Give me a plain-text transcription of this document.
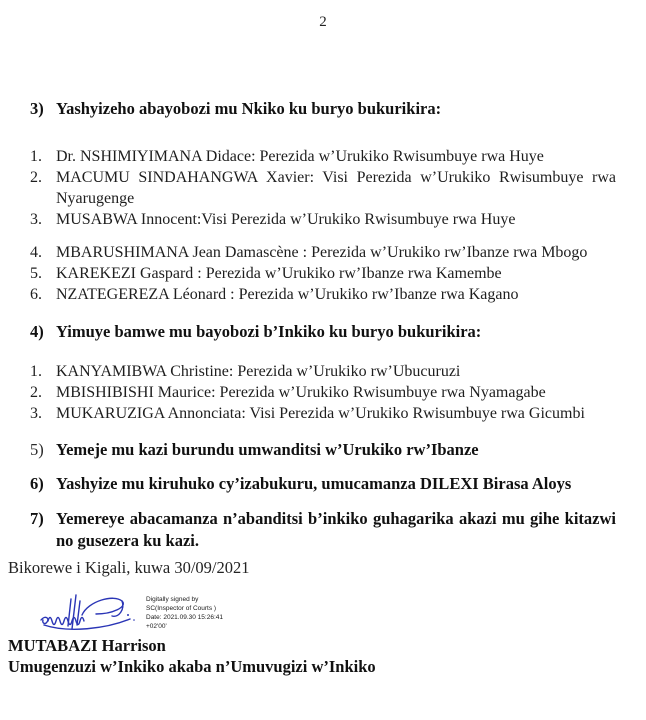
2
3) Yashyizeho abayobozi mu Nkiko ku buryo bukurikira:
1. Dr. NSHIMIYIMANA Didace: Perezida w’Urukiko Rwisumbuye rwa Huye
2. MACUMU SINDAHANGWA Xavier: Visi Perezida w’Urukiko Rwisumbuye rwa Nyarugenge
3. MUSABWA Innocent:Visi Perezida w’Urukiko Rwisumbuye rwa Huye
4. MBARUSHIMANA Jean Damascène : Perezida w’Urukiko rw’Ibanze rwa Mbogo
5. KAREKEZI Gaspard : Perezida w’Urukiko rw’Ibanze rwa Kamembe
6. NZATEGEREZA Léonard : Perezida w’Urukiko rw’Ibanze rwa Kagano
4) Yimuye bamwe mu bayobozi b’Inkiko ku buryo bukurikira:
1. KANYAMIBWA Christine: Perezida w’Urukiko rw’Ubucuruzi
2. MBISHIBISHI Maurice: Perezida w’Urukiko Rwisumbuye rwa Nyamagabe
3. MUKARUZIGA Annonciata: Visi Perezida w’Urukiko Rwisumbuye rwa Gicumbi
5) Yemeje mu kazi burundu umwanditsi w’Urukiko rw’Ibanze
6) Yashyize mu kiruhuko cy’izabukuru, umucamanza DILEXI Birasa Aloys
7) Yemereye abacamanza n’abanditsi b’inkiko guhagarika akazi mu gihe kitazwi no gusezera ku kazi.
Bikorewe i Kigali, kuwa 30/09/2021
Digitally signed by
SC(Inspector of Courts )
Date: 2021.09.30 15:26:41
+02'00'
MUTABAZI Harrison
Umugenzuzi w’Inkiko akaba n’Umuvugizi w’Inkiko
